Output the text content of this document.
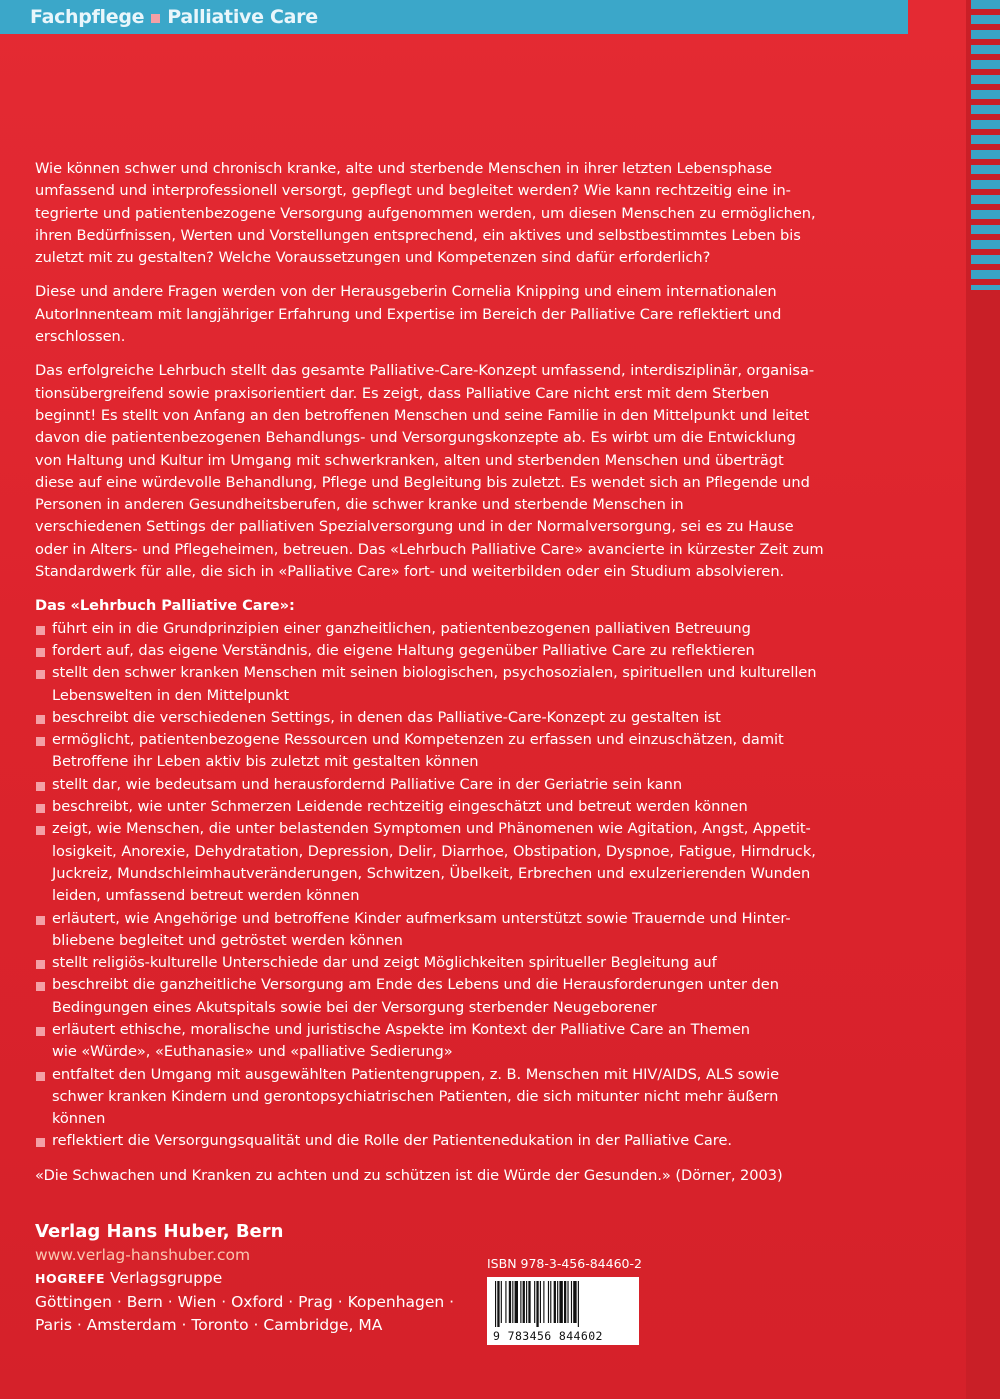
Fachpflege Palliative Care

Wie können schwer und chronisch kranke, alte und sterbende Menschen in ihrer letzten Lebensphase
umfassend und interprofessionell versorgt, gepflegt und begleitet werden? Wie kann rechtzeitig eine in-
tegrierte und patientenbezogene Versorgung aufgenommen werden, um diesen Menschen zu ermöglichen,
ihren Bedürfnissen, Werten und Vorstellungen entsprechend, ein aktives und selbstbestimmtes Leben bis
zuletzt mit zu gestalten? Welche Voraussetzungen und Kompetenzen sind dafür erforderlich?

Diese und andere Fragen werden von der Herausgeberin Cornelia Knipping und einem internationalen
AutorInnenteam mit langjähriger Erfahrung und Expertise im Bereich der Palliative Care reflektiert und
erschlossen.

Das erfolgreiche Lehrbuch stellt das gesamte Palliative-Care-Konzept umfassend, interdisziplinär, organisa-
tionsübergreifend sowie praxisorientiert dar. Es zeigt, dass Palliative Care nicht erst mit dem Sterben
beginnt! Es stellt von Anfang an den betroffenen Menschen und seine Familie in den Mittelpunkt und leitet
davon die patientenbezogenen Behandlungs- und Versorgungskonzepte ab. Es wirbt um die Entwicklung
von Haltung und Kultur im Umgang mit schwerkranken, alten und sterbenden Menschen und überträgt
diese auf eine würdevolle Behandlung, Pflege und Begleitung bis zuletzt. Es wendet sich an Pflegende und
Personen in anderen Gesundheitsberufen, die schwer kranke und sterbende Menschen in
verschiedenen Settings der palliativen Spezialversorgung und in der Normalversorgung, sei es zu Hause
oder in Alters- und Pflegeheimen, betreuen. Das «Lehrbuch Palliative Care» avancierte in kürzester Zeit zum
Standardwerk für alle, die sich in «Palliative Care» fort- und weiterbilden oder ein Studium absolvieren.

Das «Lehrbuch Palliative Care»:

führt ein in die Grundprinzipien einer ganzheitlichen, patientenbezogenen palliativen Betreuung
fordert auf, das eigene Verständnis, die eigene Haltung gegenüber Palliative Care zu reflektieren
stellt den schwer kranken Menschen mit seinen biologischen, psychosozialen, spirituellen und kulturellen
Lebenswelten in den Mittelpunkt
beschreibt die verschiedenen Settings, in denen das Palliative-Care-Konzept zu gestalten ist
ermöglicht, patientenbezogene Ressourcen und Kompetenzen zu erfassen und einzuschätzen, damit
Betroffene ihr Leben aktiv bis zuletzt mit gestalten können
stellt dar, wie bedeutsam und herausfordernd Palliative Care in der Geriatrie sein kann
beschreibt, wie unter Schmerzen Leidende rechtzeitig eingeschätzt und betreut werden können
zeigt, wie Menschen, die unter belastenden Symptomen und Phänomenen wie Agitation, Angst, Appetit-
losigkeit, Anorexie, Dehydratation, Depression, Delir, Diarrhoe, Obstipation, Dyspnoe, Fatigue, Hirndruck,
Juckreiz, Mundschleimhautveränderungen, Schwitzen, Übelkeit, Erbrechen und exulzerierenden Wunden
leiden, umfassend betreut werden können
erläutert, wie Angehörige und betroffene Kinder aufmerksam unterstützt sowie Trauernde und Hinter-
bliebene begleitet und getröstet werden können
stellt religiös-kulturelle Unterschiede dar und zeigt Möglichkeiten spiritueller Begleitung auf
beschreibt die ganzheitliche Versorgung am Ende des Lebens und die Herausforderungen unter den
Bedingungen eines Akutspitals sowie bei der Versorgung sterbender Neugeborener
erläutert ethische, moralische und juristische Aspekte im Kontext der Palliative Care an Themen
wie «Würde», «Euthanasie» und «palliative Sedierung»
entfaltet den Umgang mit ausgewählten Patientengruppen, z. B. Menschen mit HIV/AIDS, ALS sowie
schwer kranken Kindern und gerontopsychiatrischen Patienten, die sich mitunter nicht mehr äußern
können
reflektiert die Versorgungsqualität und die Rolle der Patientenedukation in der Palliative Care.

«Die Schwachen und Kranken zu achten und zu schützen ist die Würde der Gesunden.» (Dörner, 2003)

Verlag Hans Huber, Bern
www.verlag-hanshuber.com
HOGREFE Verlagsgruppe
Göttingen · Bern · Wien · Oxford · Prag · Kopenhagen ·
Paris · Amsterdam · Toronto · Cambridge, MA
ISBN 978-3-456-84460-2
9 783456 844602
